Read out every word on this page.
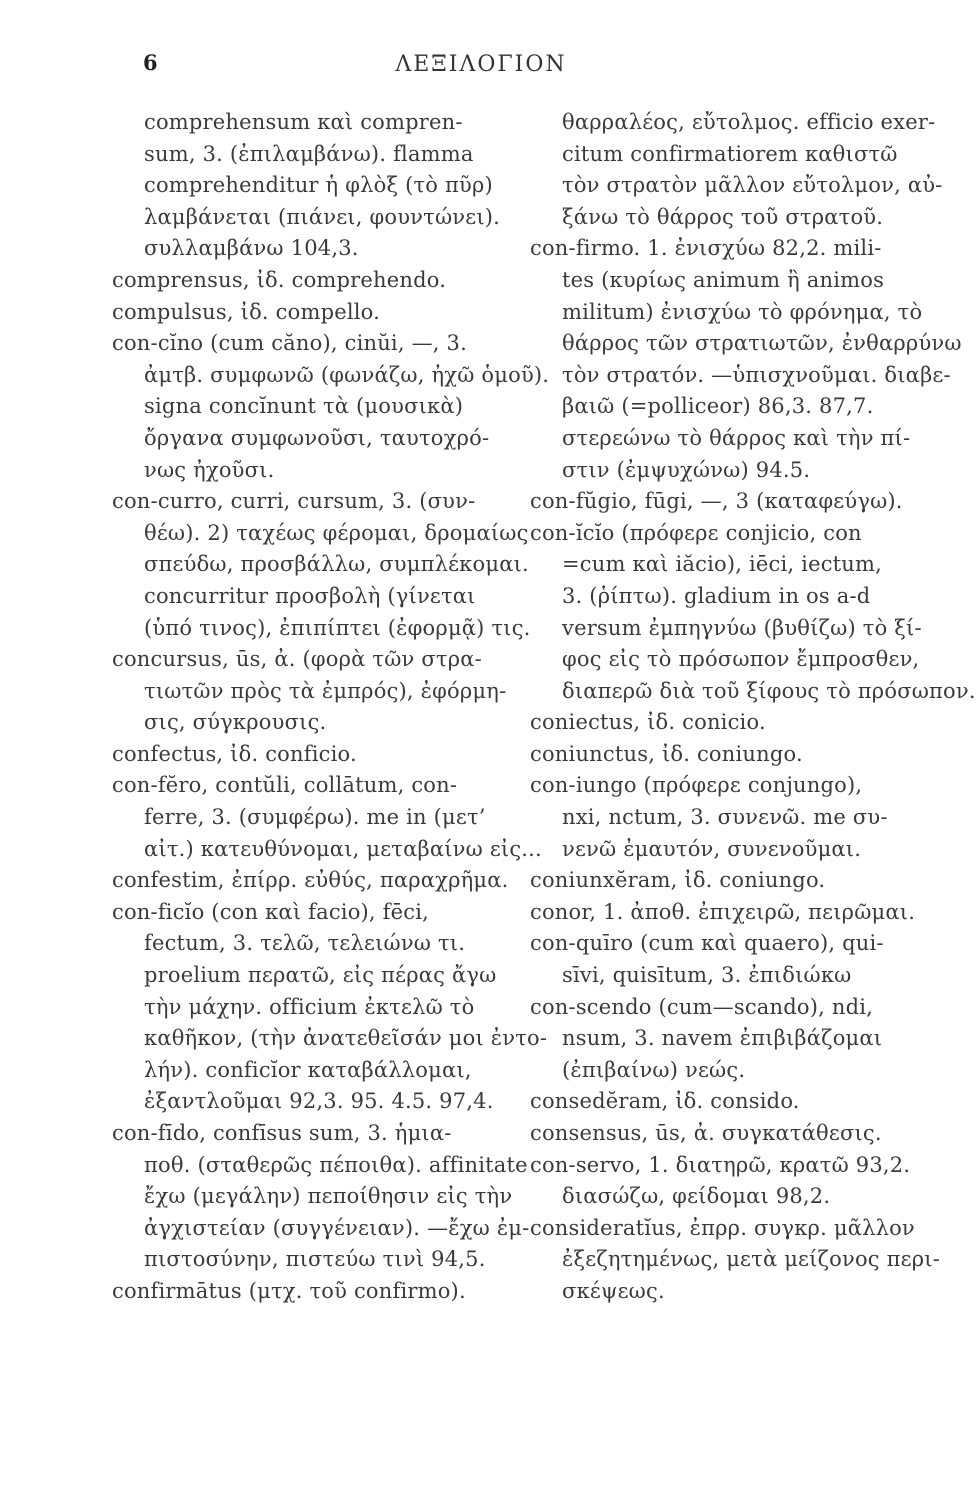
6	ΛΕΞΙΛΟΓΙΟΝ
comprehensum καὶ compren-
sum, 3. (ἐπιλαμβάνω). flamma
comprehenditur ἡ φλὸξ (τὸ πῦρ)
λαμβάνεται (πιάνει, φουντώνει).
συλλαμβάνω 104,3.
comprensus, ἰδ. comprehendo.
compulsus, ἰδ. compello.
con-cĭno (cum căno), cinŭi, —, 3.
ἀμτβ. συμφωνῶ (φωνάζω, ἠχῶ ὁμοῦ).
signa concĭnunt τὰ (μουσικὰ)
ὄργανα συμφωνοῦσι, ταυτοχρό-
νως ἠχοῦσι.
con-curro, curri, cursum, 3. (συν-
θέω). 2) ταχέως φέρομαι, δρομαίως
σπεύδω, προσβάλλω, συμπλέκομαι.
concurritur προσβολὴ (γίνεται
(ὑπό τινος), ἐπιπίπτει (ἐφορμᾷ) τις.
concursus, ūs, ἀ. (φορὰ τῶν στρα-
τιωτῶν πρὸς τὰ ἐμπρός), ἐφόρμη-
σις, σύγκρουσις.
confectus, ἰδ. conficio.
con-fĕro, contŭli, collātum, con-
ferre, 3. (συμφέρω). me in (μετ’
αἰτ.) κατευθύνομαι, μεταβαίνω εἰς...
confestim, ἐπίρρ. εὐθύς, παραχρῆμα.
con-ficĭo (con καὶ facio), fēci,
fectum, 3. τελῶ, τελειώνω τι.
proelium περατῶ, εἰς πέρας ἄγω
τὴν μάχην. officium ἐκτελῶ τὸ
καθῆκον, (τὴν ἀνατεθεῖσάν μοι ἐντο-
λήν). conficĭor καταβάλλομαι,
ἐξαντλοῦμαι 92,3. 95. 4.5. 97,4.
con-fīdo, confīsus sum, 3. ἡμια-
ποθ. (σταθερῶς πέποιθα). affinitate
ἔχω (μεγάλην) πεποίθησιν εἰς τὴν
ἀγχιστείαν (συγγένειαν). —ἔχω ἐμ-
πιστοσύνην, πιστεύω τινὶ 94,5.
confirmātus (μτχ. τοῦ confirmo).
θαρραλέος, εὔτολμος. efficio exer-
citum confirmatiorem καθιστῶ
τὸν στρατὸν μᾶλλον εὔτολμον, αὐ-
ξάνω τὸ θάρρος τοῦ στρατοῦ.
con-firmo. 1. ἐνισχύω 82,2. mili-
tes (κυρίως animum ἢ animos
militum) ἐνισχύω τὸ φρόνημα, τὸ
θάρρος τῶν στρατιωτῶν, ἐνθαρρύνω
τὸν στρατόν. —ὑπισχνοῦμαι. διαβε-
βαιῶ (=polliceor) 86,3. 87,7.
στερεώνω τὸ θάρρος καὶ τὴν πί-
στιν (ἐμψυχώνω) 94.5.
con-fŭgio, fūgi, —, 3 (καταφεύγω).
con-ĭcĭo (πρόφερε conjicio, con
=cum καὶ iăcio), iēci, iectum,
3. (ῥίπτω). gladium in os a-d
versum ἐμπηγνύω (βυθίζω) τὸ ξί-
φος εἰς τὸ πρόσωπον ἔμπροσθεν,
διαπερῶ διὰ τοῦ ξίφους τὸ πρόσωπον.
coniectus, ἰδ. conicio.
coniunctus, ἰδ. coniungo.
con-iungo (πρόφερε conjungo),
nxi, nctum, 3. συνενῶ. me συ-
νενῶ ἐμαυτόν, συνενοῦμαι.
coniunxĕram, ἰδ. coniungo.
conor, 1. ἀποθ. ἐπιχειρῶ, πειρῶμαι.
con-quīro (cum καὶ quaero), qui-
sīvi, quisītum, 3. ἐπιδιώκω
con-scendo (cum—scando), ndi,
nsum, 3. navem ἐπιβιβάζομαι
(ἐπιβαίνω) νεώς.
consedĕram, ἰδ. consido.
consensus, ūs, ἀ. συγκατάθεσις.
con-servo, 1. διατηρῶ, κρατῶ 93,2.
διασώζω, φείδομαι 98,2.
consideratĭus, ἐπρρ. συγκρ. μᾶλλον
ἐξεζητημένως, μετὰ μείζονος περι-
σκέψεως.
